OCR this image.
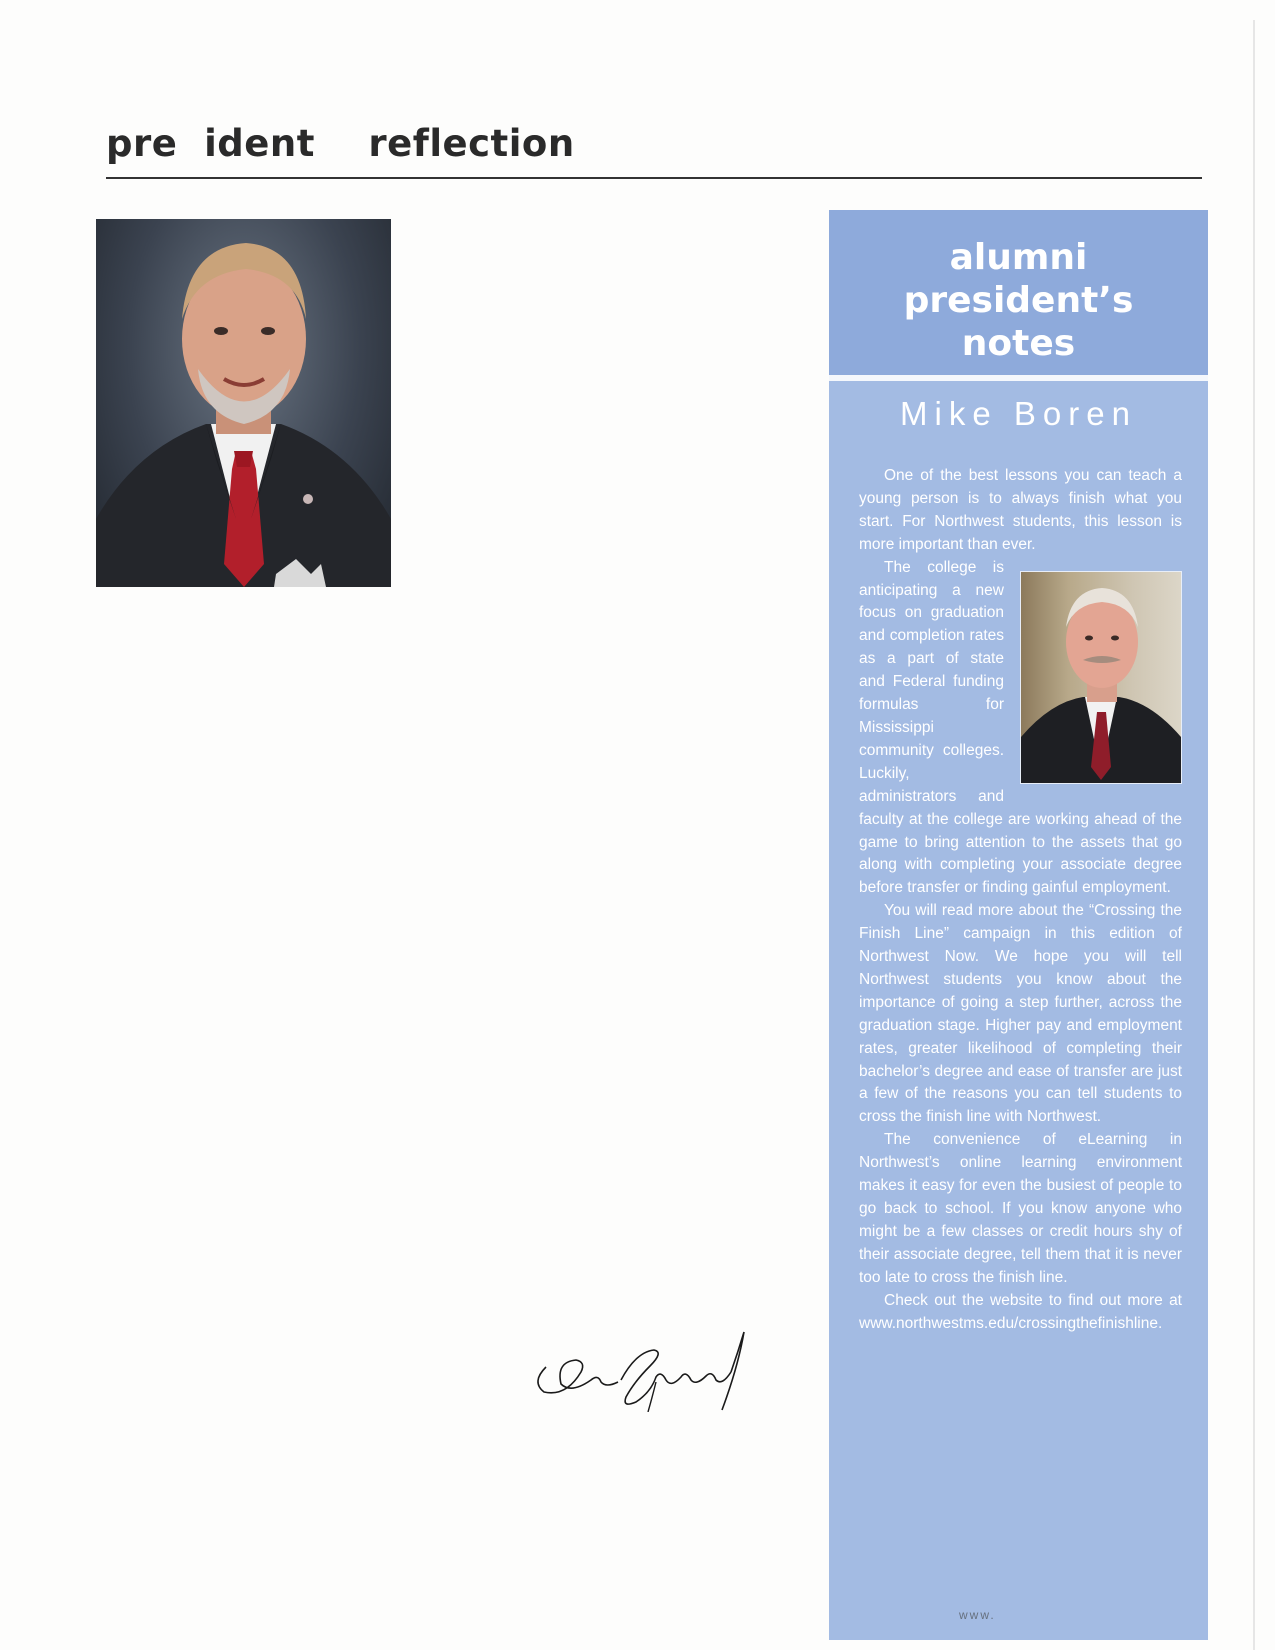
pre  ident    reflection
alumni
president’s
notes
Mike Boren

One of the best lessons you can teach a young person is to always finish what you start. For Northwest students, this lesson is more important than ever.

The college is anticipating a new focus on graduation and completion rates as a part of state and Federal funding formulas for Mississippi community colleges. Luckily, administrators and faculty at the college are working ahead of the game to bring attention to the assets that go along with completing your associate degree before transfer or finding gainful employment.

You will read more about the “Crossing the Finish Line” campaign in this edition of Northwest Now. We hope you will tell Northwest students you know about the importance of going a step further, across the graduation stage. Higher pay and employment rates, greater likelihood of completing their bachelor’s degree and ease of transfer are just a few of the reasons you can tell students to cross the finish line with Northwest.

The convenience of eLearning in Northwest’s online learning environment makes it easy for even the busiest of people to go back to school. If you know anyone who might be a few classes or credit hours shy of their associate degree, tell them that it is never too late to cross the finish line.

Check out the website to find out more at www.northwestms.edu/crossingthefinishline.

www.
